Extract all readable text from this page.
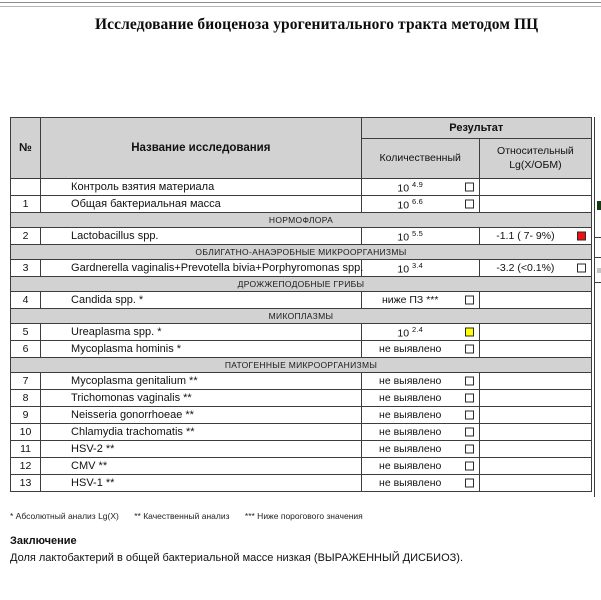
Исследование биоценоза урогенитального тракта методом ПЦ
№	Название исследования	Результат	
		Количественный	Относительный
Lg(X/ОБМ)
	Контроль взятия материала	10 $^{4.9}$

1	Общая бактериальная масса	10 $^{6.6}$

НОРМОФЛОРА			
2	Lactobacillus spp.	10 $^{5.5}$	-1.1 ( 7- 9%)

ОБЛИГАТНО-АНАЭРОБНЫЕ МИКРООРГАНИЗМЫ			
3	Gardnerella vaginalis+Prevotella bivia+Porphyromonas spp.	10 $^{3.4}$	-3.2 (<0.1%)

ДРОЖЖЕПОДОБНЫЕ ГРИБЫ			
4	Candida spp. *	ниже ПЗ ***

МИКОПЛАЗМЫ			
5	Ureaplasma spp. *	10 $^{2.4}$

6	Mycoplasma hominis *	не выявлено

ПАТОГЕННЫЕ МИКРООРГАНИЗМЫ			
7	Mycoplasma genitalium **	не выявлено

8	Trichomonas vaginalis **	не выявлено

9	Neisseria gonorrhoeae **	не выявлено

10	Chlamydia trachomatis **	не выявлено

11	HSV-2 **	не выявлено

12	CMV **	не выявлено

13	HSV-1 **	не выявлено

* Абсолютный анализ Lg(X) ** Качественный анализ *** Ниже порогового значения
Заключение
Доля лактобактерий в общей бактериальной массе низкая (ВЫРАЖЕННЫЙ ДИСБИОЗ).
